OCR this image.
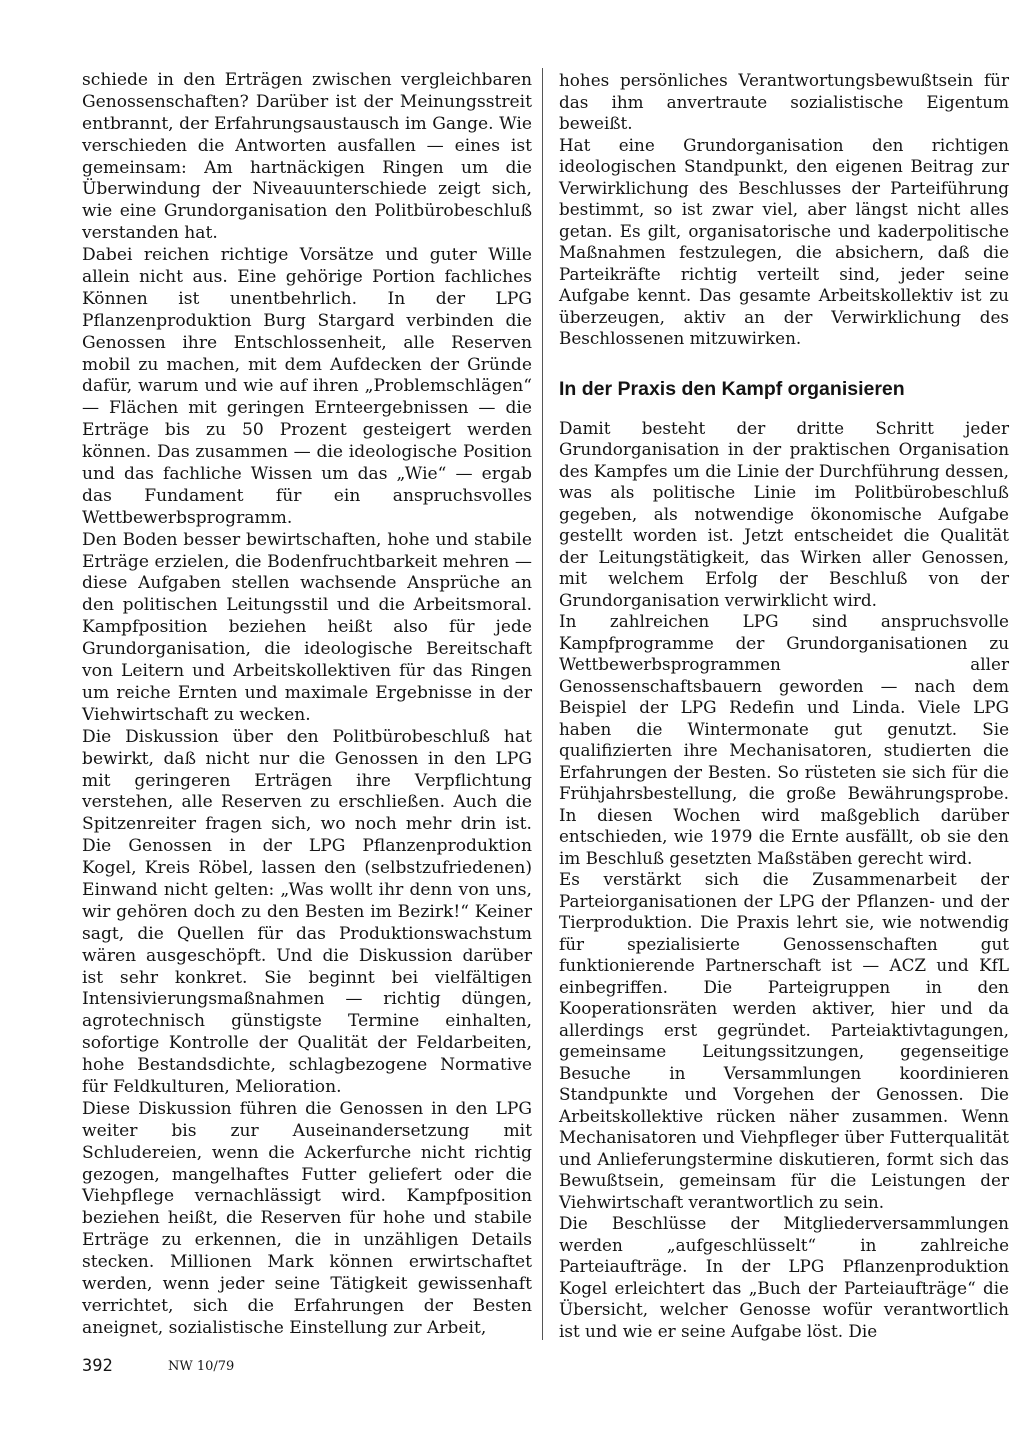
schiede in den Erträgen zwischen vergleichbaren Genossenschaften? Darüber ist der Meinungsstreit entbrannt, der Erfahrungsaustausch im Gange. Wie verschieden die Antworten ausfallen — eines ist gemeinsam: Am hartnäckigen Ringen um die Überwindung der Niveauunterschiede zeigt sich, wie eine Grundorganisation den Politbürobeschluß verstanden hat.

Dabei reichen richtige Vorsätze und guter Wille allein nicht aus. Eine gehörige Portion fachliches Können ist unentbehrlich. In der LPG Pflanzenproduktion Burg Stargard verbinden die Genossen ihre Entschlossenheit, alle Reserven mobil zu machen, mit dem Aufdecken der Gründe dafür, warum und wie auf ihren „Problemschlägen“ — Flächen mit geringen Ernteergebnissen — die Erträge bis zu 50 Prozent gesteigert werden können. Das zusammen — die ideologische Position und das fachliche Wissen um das „Wie“ — ergab das Fundament für ein anspruchsvolles Wettbewerbsprogramm.

Den Boden besser bewirtschaften, hohe und stabile Erträge erzielen, die Bodenfruchtbarkeit mehren — diese Aufgaben stellen wachsende Ansprüche an den politischen Leitungsstil und die Arbeitsmoral. Kampfposition beziehen heißt also für jede Grundorganisation, die ideologische Bereitschaft von Leitern und Arbeitskollektiven für das Ringen um reiche Ernten und maximale Ergebnisse in der Viehwirtschaft zu wecken.

Die Diskussion über den Politbürobeschluß hat bewirkt, daß nicht nur die Genossen in den LPG mit geringeren Erträgen ihre Verpflichtung verstehen, alle Reserven zu erschließen. Auch die Spitzenreiter fragen sich, wo noch mehr drin ist. Die Genossen in der LPG Pflanzenproduktion Kogel, Kreis Röbel, lassen den (selbstzufriedenen) Einwand nicht gelten: „Was wollt ihr denn von uns, wir gehören doch zu den Besten im Bezirk!“ Keiner sagt, die Quellen für das Produktionswachstum wären ausgeschöpft. Und die Diskussion darüber ist sehr konkret. Sie beginnt bei vielfältigen Intensivierungsmaßnahmen — richtig düngen, agrotechnisch günstigste Termine einhalten, sofortige Kontrolle der Qualität der Feldarbeiten, hohe Bestandsdichte, schlagbezogene Normative für Feldkulturen, Melioration.

Diese Diskussion führen die Genossen in den LPG weiter bis zur Auseinandersetzung mit Schludereien, wenn die Ackerfurche nicht richtig gezogen, mangelhaftes Futter geliefert oder die Viehpflege vernachlässigt wird. Kampfposition beziehen heißt, die Reserven für hohe und stabile Erträge zu erkennen, die in unzähligen Details stecken. Millionen Mark können erwirtschaftet werden, wenn jeder seine Tätigkeit gewissenhaft verrichtet, sich die Erfahrungen der Besten aneignet, sozialistische Einstellung zur Arbeit,

hohes persönliches Verantwortungsbewußtsein für das ihm anvertraute sozialistische Eigentum beweißt.

Hat eine Grundorganisation den richtigen ideologischen Standpunkt, den eigenen Beitrag zur Verwirklichung des Beschlusses der Parteiführung bestimmt, so ist zwar viel, aber längst nicht alles getan. Es gilt, organisatorische und kaderpolitische Maßnahmen festzulegen, die absichern, daß die Parteikräfte richtig verteilt sind, jeder seine Aufgabe kennt. Das gesamte Arbeitskollektiv ist zu überzeugen, aktiv an der Verwirklichung des Beschlossenen mitzuwirken.

In der Praxis den Kampf organisieren

Damit besteht der dritte Schritt jeder Grundorganisation in der praktischen Organisation des Kampfes um die Linie der Durchführung dessen, was als politische Linie im Politbürobeschluß gegeben, als notwendige ökonomische Aufgabe gestellt worden ist. Jetzt entscheidet die Qualität der Leitungstätigkeit, das Wirken aller Genossen, mit welchem Erfolg der Beschluß von der Grundorganisation verwirklicht wird.

In zahlreichen LPG sind anspruchsvolle Kampfprogramme der Grundorganisationen zu Wettbewerbsprogrammen aller Genossenschaftsbauern geworden — nach dem Beispiel der LPG Redefin und Linda. Viele LPG haben die Wintermonate gut genutzt. Sie qualifizierten ihre Mechanisatoren, studierten die Erfahrungen der Besten. So rüsteten sie sich für die Frühjahrsbestellung, die große Bewährungsprobe. In diesen Wochen wird maßgeblich darüber entschieden, wie 1979 die Ernte ausfällt, ob sie den im Beschluß gesetzten Maßstäben gerecht wird.

Es verstärkt sich die Zusammenarbeit der Parteiorganisationen der LPG der Pflanzen- und der Tierproduktion. Die Praxis lehrt sie, wie notwendig für spezialisierte Genossenschaften gut funktionierende Partnerschaft ist — ACZ und KfL einbegriffen. Die Parteigruppen in den Kooperationsräten werden aktiver, hier und da allerdings erst gegründet. Parteiaktivtagungen, gemeinsame Leitungssitzungen, gegenseitige Besuche in Versammlungen koordinieren Standpunkte und Vorgehen der Genossen. Die Arbeitskollektive rücken näher zusammen. Wenn Mechanisatoren und Viehpfleger über Futterqualität und Anlieferungstermine diskutieren, formt sich das Bewußtsein, gemeinsam für die Leistungen der Viehwirtschaft verantwortlich zu sein.

Die Beschlüsse der Mitgliederversammlungen werden „aufgeschlüsselt“ in zahlreiche Parteiaufträge. In der LPG Pflanzenproduktion Kogel erleichtert das „Buch der Parteiaufträge“ die Übersicht, welcher Genosse wofür verantwortlich ist und wie er seine Aufgabe löst. Die

392	NW 10/79
